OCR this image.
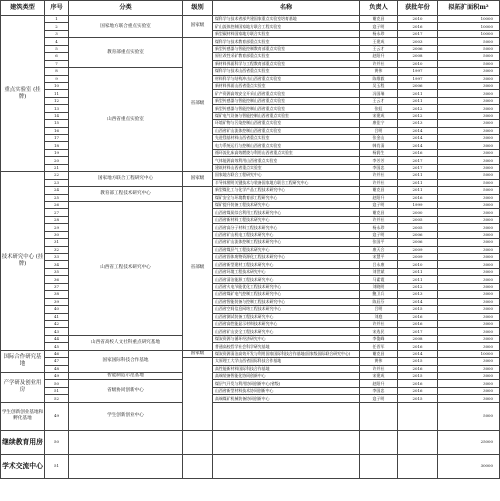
建筑类型	序号	分类	级别	名称	负责人	获批年份	拟拓扩面积m²
重点实验室 (挂牌)	1	国家地方联合重点实验室	国家级	煤科学与技术省部共建国家重点实验室培育基地	谢克昌	2010	10000
	2			矿山流体控制国家地方联合工程实验室	寇子明	2016	10000
	3			新型碳材料国家地方联合实验室	杨永珍	2017	10000
	4	教育部重点实验室	省部级	煤科学与技术教育部重点实验室	王建成	2003	5000
	5			新型传感器与智能控制教育部重点实验室	王云才	2006	5000
	6			原位改性采矿教育部重点实验室	赵阳升	2008	5000
	7			新材料界面科学与工程教育部重点实验室	许并社	2010	5000
	8	山西省重点实验室		煤科学与技术山西省重点实验室	黄伟	1997	3000
	9			材料科学与结构冲击山西省重点实验室	陈维毅	1997	3000
	10			新材料界面山西省重点实验室	吴玉程	2006	3000
	11			矿产资源高效安全开采山西省重点实验室	冯国瑞	2011	3000
	12			新型传感器与智能控制山西省重点实验室	王云才	2011	3000
	13			新型传感器与智能控制山西省重点实验室	张虹	2012	3000
	14			煤矿电气设备与智能控制山西省重点实验室	宋建成	2012	3000
	15			环境矿物与污染控制山西省重点实验室	康佳宁	2013	3000
	16			山西省矿山流体控制山西省重点实验室	吕明	2014	3000
	17			先进镁基材料山西省重点实验室	张金山	2014	3000
	18			电力系统运行与控制山西省重点实验室	韩肖清	2014	3000
	19			循环流化床高效燃烧与利用山西省重点实验室	杨润生	2016	3000
	20			气体能源高效利用山西省重点实验室	李芳芳	2017	3000
	21			建筑材料山西省重点实验室	李国忠	2017	3000
技术研究中心 (挂牌)	22	国家地方联合工程研究中心	国家级	国家地方联合工程研究中心	许并社	2011	5000
	23			半导体照明关键技术与装备国家地方联合工程研究中心	许并社	2011	5000
	24	教育部工程技术研究中心	省部级	新型煤化工与化学产品工程技术研究中心	谢克昌	2011	5000
	25			煤矿安全与环境教育部工程研究中心	赵阳升	2016	3000
	26	山西省工程技术研究中心		煤矿提升装备工程技术研究中心	寇子明	1999	3000
	27			山西省煤炭综合利用工程技术研究中心	谢克昌	2000	3000
	28			山西省新材料工程技术研究中心	许并社	2005	3000
	29			山西省高分子材料工程技术研究中心	杨永珍	2005	3000
	30			山西省矿山机电工程技术研究中心	寇子明	2006	3000
	31			山西省矿山流体控制工程技术研究中心	张国平	2006	3000
	32			山西省煤层气工程技术研究中心	康天合	2009	3000
	33			山西省固体废物资源化工程技术研究中心	宋慧平	2009	3000
	34			山西省新型建材工程技术研究中心	吕永康	2010	3000
	35			山西省环境工程技术研究中心	刘世斌	2011	3000
	36			山西省清洁能源工程技术研究中心	马素霞	2011	3000
	37			山西省火电节能优化工程技术研究中心	刘晓明	2012	3000
	38			山西省煤矿电气控制工程技术研究中心	鲍卫兵	2013	3000
	39			山西省智能装备与控制工程技术研究中心	陈辰芬	2014	3000
	40			山西省空间信息网络工程技术研究中心	吕明	2015	3000
	41			山西省测试装备工程技术研究中心	刘庭	2016	3000
	42			山西省高性能显示材料技术研究中心	许并社	2016	3000
	43			山西省矿山安全工程技术研究中心	宋选民	2017	3000
	44	山西省高校人文社科重点研究基地		煤炭资源与循环经济研究中心	李俊峰	2008	3000
	45			普通高校哲学社会科学研究基地	任晋军	2016	3000
国际合作研究基地	46	国家国际科技合作基地	国家级	煤炭资源清洁高效开发与利用国家国际科技合作基地(国家级国际联合研究中心)	谢克昌	2014	10000
	47			太原理工大学山西省国际科技合作基地	黄伟	2015	3000
	48			高性能新材料国际科技合作基地	许并社	2016	3000
产学研及创业用房	49	智能制造示范基地		高端装备智能化协同创新中心	宋建成	2015	3000
	50	省级协同创新中心		煤层气开发与利用协同创新中心(省级)	赵阳升	2016	3000
	51			山西省新型材料技术协同创新中心	李国忠	2016	3000
	52			高端煤矿机械装备协同创新中心	寇子明	2015	3000
学生创新创业基地和孵化基地	49	学生创新创业中心					5000
继续教育用房	50						25000
学术交流中心	51						30000
